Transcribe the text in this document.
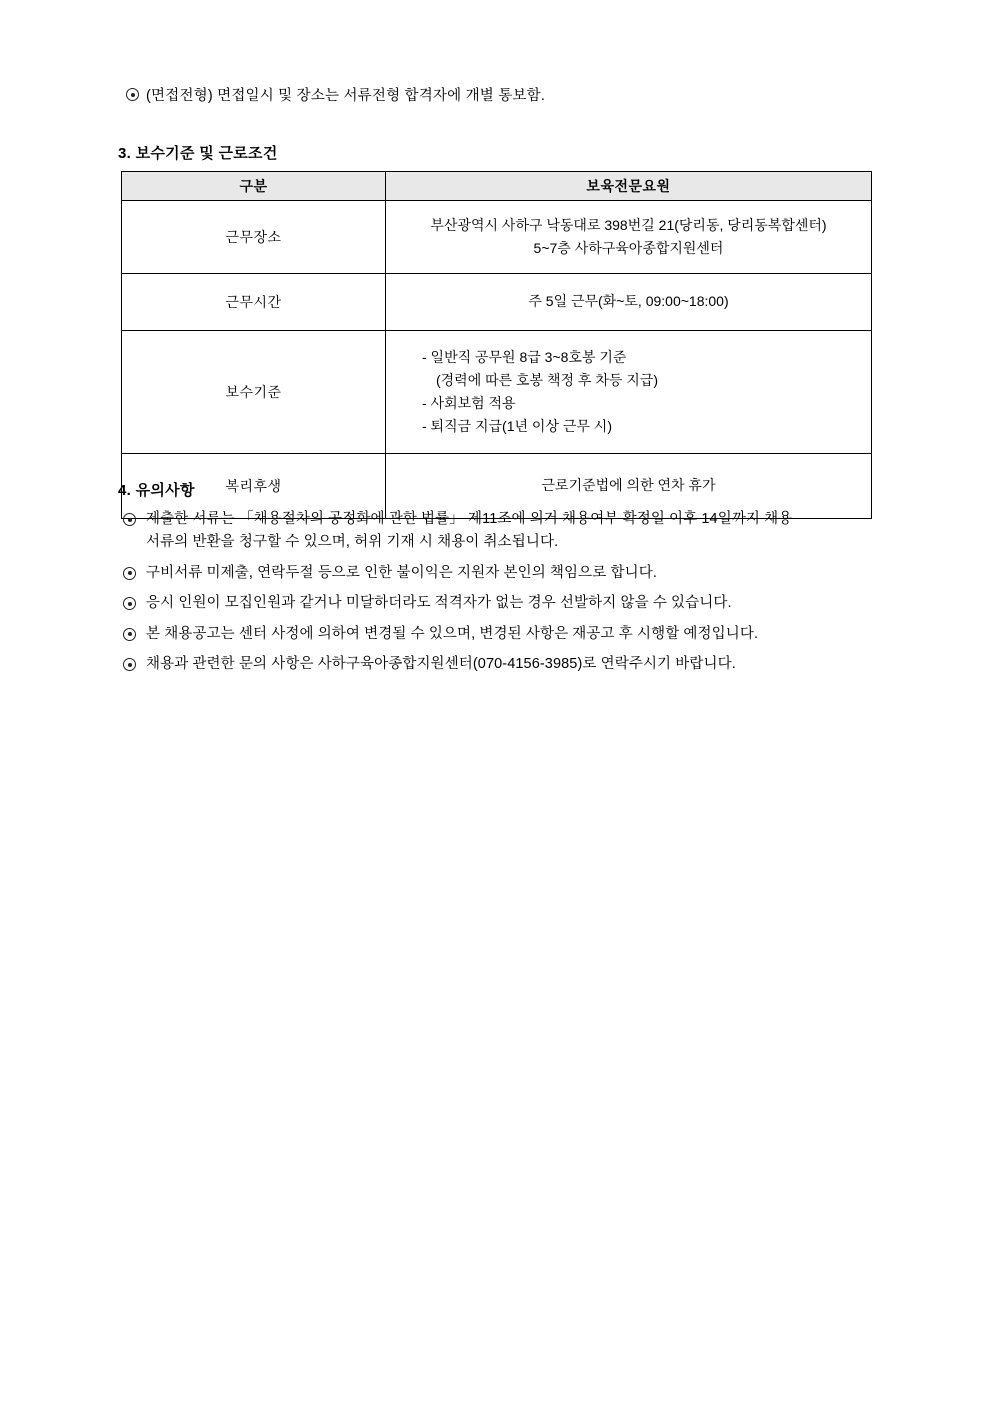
(면접전형) 면접일시 및 장소는 서류전형 합격자에 개별 통보함.
3. 보수기준 및 근로조건
구분	보육전문요원
근무장소	부산광역시 사하구 낙동대로 398번길 21(당리동, 당리동복합센터)
5~7층 사하구육아종합지원센터

근무시간	주 5일 근무(화~토, 09:00~18:00)

보수기준	- 일반직 공무원 8급 3~8호봉 기준
(경력에 따른 호봉 책정 후 차등 지급)
- 사회보험 적용
- 퇴직금 지급(1년 이상 근무 시)

복리후생	근로기준법에 의한 연차 휴가
4. 유의사항
제출한 서류는 「채용절차의 공정화에 관한 법률」 제11조에 의거 채용여부 확정일 이후 14일까지 채용
서류의 반환을 청구할 수 있으며, 허위 기재 시 채용이 취소됩니다.
구비서류 미제출, 연락두절 등으로 인한 불이익은 지원자 본인의 책임으로 합니다.
응시 인원이 모집인원과 같거나 미달하더라도 적격자가 없는 경우 선발하지 않을 수 있습니다.
본 채용공고는 센터 사정에 의하여 변경될 수 있으며, 변경된 사항은 재공고 후 시행할 예정입니다.
채용과 관련한 문의 사항은 사하구육아종합지원센터(070-4156-3985)로 연락주시기 바랍니다.
